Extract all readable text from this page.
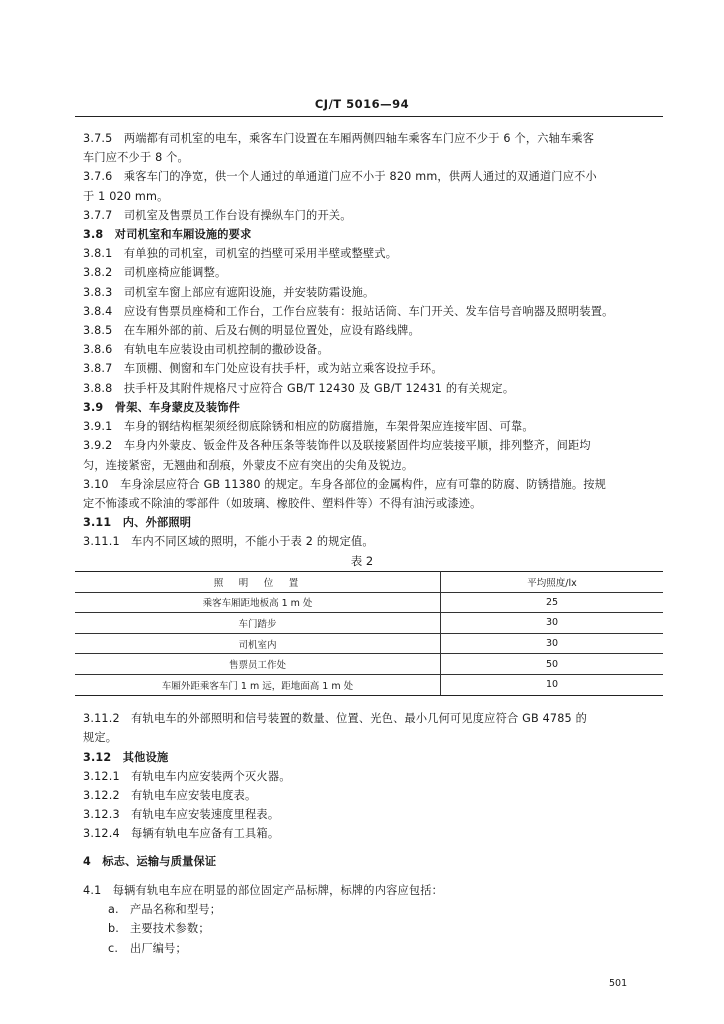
CJ/T 5016—94
3.7.5　两端都有司机室的电车，乘客车门设置在车厢两侧四轴车乘客车门应不少于 6 个，六轴车乘客
车门应不少于 8 个。
3.7.6　乘客车门的净宽，供一个人通过的单通道门应不小于 820 mm，供两人通过的双通道门应不小
于 1 020 mm。
3.7.7　司机室及售票员工作台设有操纵车门的开关。
3.8　对司机室和车厢设施的要求
3.8.1　有单独的司机室，司机室的挡壁可采用半壁或整壁式。
3.8.2　司机座椅应能调整。
3.8.3　司机室车窗上部应有遮阳设施，并安装防霜设施。
3.8.4　应设有售票员座椅和工作台，工作台应装有：报站话筒、车门开关、发车信号音响器及照明装置。
3.8.5　在车厢外部的前、后及右侧的明显位置处，应设有路线牌。
3.8.6　有轨电车应装设由司机控制的撒砂设备。
3.8.7　车顶棚、侧窗和车门处应设有扶手杆，或为站立乘客设拉手环。
3.8.8　扶手杆及其附件规格尺寸应符合 GB/T 12430 及 GB/T 12431 的有关规定。
3.9　骨架、车身蒙皮及装饰件
3.9.1　车身的钢结构框架须经彻底除锈和相应的防腐措施，车架骨架应连接牢固、可靠。
3.9.2　车身内外蒙皮、钣金件及各种压条等装饰件以及联接紧固件均应装接平顺，排列整齐，间距均
匀，连接紧密，无翘曲和刮痕，外蒙皮不应有突出的尖角及锐边。
3.10　车身涂层应符合 GB 11380 的规定。车身各部位的金属构件，应有可靠的防腐、防锈措施。按规
定不怖漆或不除油的零部件（如玻璃、橡胶件、塑料件等）不得有油污或漆迹。
3.11　内、外部照明
3.11.1　车内不同区域的照明，不能小于表 2 的规定值。
表 2
照　明　位　置	平均照度/lx
乘客车厢距地板高 1 m 处	25
车门踏步	30
司机室内	30
售票员工作处	50
车厢外距乘客车门 1 m 远，距地面高 1 m 处	10
3.11.2　有轨电车的外部照明和信号装置的数量、位置、光色、最小几何可见度应符合 GB 4785 的
规定。
3.12　其他设施
3.12.1　有轨电车内应安装两个灭火器。
3.12.2　有轨电车应安装电度表。
3.12.3　有轨电车应安装速度里程表。
3.12.4　每辆有轨电车应备有工具箱。
4　标志、运输与质量保证
4.1　每辆有轨电车应在明显的部位固定产品标牌，标牌的内容应包括：
a. 产品名称和型号；
b. 主要技术参数；
c. 出厂编号；
501
